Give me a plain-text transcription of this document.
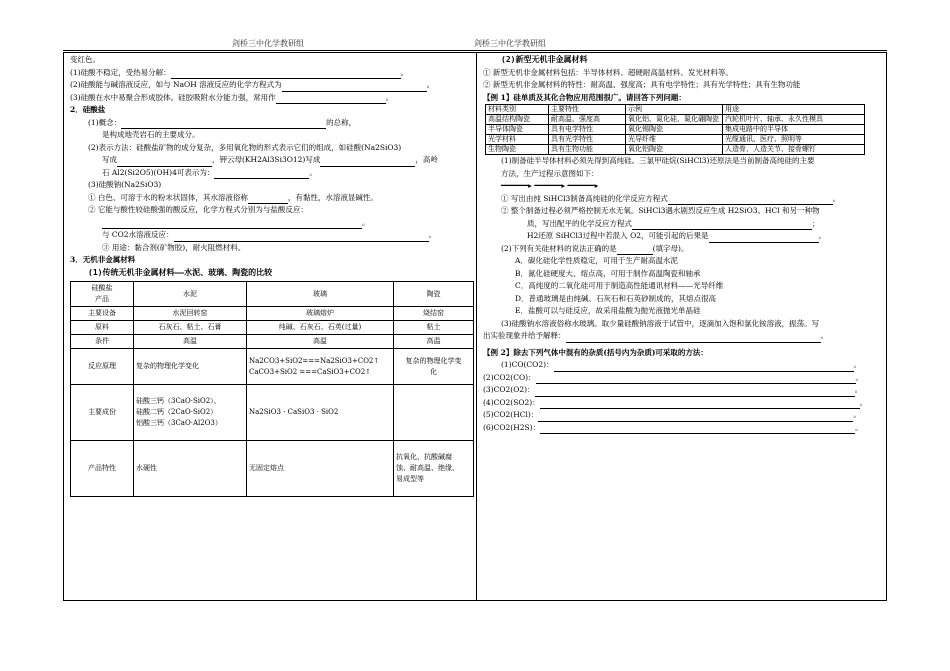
剑桥三中化学教研组	剑桥三中化学教研组
变红色。
(1)硅酸不稳定，受热易分解：	。
(2)硅酸能与碱溶液反应，如与 NaOH 溶液反应的化学方程式为	。
(3)硅酸在水中易聚合形成胶体。硅胶吸附水分能力强，常用作	。
2．硅酸盐
(1)概念：	的总称，
是构成地壳岩石的主要成分。
(2)表示方法：硅酸盐矿物的成分复杂，多用氧化物的形式表示它们的组成，如硅酸(Na2SiO3)
写成	，钾云母(KH2Al3Si3O12)写成	，高岭
石 Al2(Si2O5)(OH)4可表示为：	。
(3)硅酸钠(Na2SiO3)
① 白色、可溶于水的粉末状固体，其水溶液俗称	，有黏性，水溶液显碱性。
② 它能与酸性较硅酸强的酸反应，化学方程式分别为与盐酸反应：
。
与 CO2水溶液反应：	。
③ 用途：黏合剂(矿物胶)，耐火阻燃材料。
3．无机非金属材料
(1)传统无机非金属材料——水泥、玻璃、陶瓷的比较
硅酸盐
产品	水泥	玻璃	陶瓷
主要设备	水泥回转窑	玻璃熔炉	烧结窑
原料	石灰石、粘土、石膏	纯碱、石灰石、石英(过量)	粘土
条件	高温	高温	高温
反应原理	复杂的物理化学变化	Na2CO3+SiO2===Na2SiO3+CO2↑
CaCO3+SiO2 ===CaSiO3+CO2↑	复杂的物理化学变
化
主要成份	硅酸三钙（3CaO·SiO2）、
硅酸二钙（2CaO·SiO2）
铝酸三钙（3CaO·Al2O3）	Na2SiO3 · CaSiO3 · SiO2	
产品特性	水硬性	无固定熔点	抗氧化、抗酸碱腐
蚀、耐高温、绝缘、
易成型等
(2)新型无机非金属材料
① 新型无机非金属材料包括：半导体材料、超硬耐高温材料、发光材料等。
② 新型无机非金属材料的特性：耐高温、强度高；具有电学特性；具有光学特性；具有生物功能
【例 1】硅单质及其化合物应用范围很广。请回答下列问题：
材料类别	主要特性	示例	用途
高温结构陶瓷	耐高温、强度高	氧化铝、氮化硅、氮化硼陶瓷	汽轮机叶片、轴承、永久性模具
半导体陶瓷	具有电学特性	氧化锡陶瓷	集成电路中的半导体
光学材料	具有光学特性	光导纤维	光缆通讯、医疗、照明等
生物陶瓷	具有生物功能	氧化铝陶瓷	人造骨、人造关节、接骨螺钉
(1)制备硅半导体材料必须先得到高纯硅。三氯甲硅烷(SiHCl3)还原法是当前制备高纯硅的主要
方法，生产过程示意图如下：
━━━━━━▸ ━━━━━━▸ ━━━━━━▸
① 写出由纯 SiHCl3制备高纯硅的化学反应方程式	。
② 整个制备过程必须严格控制无水无氧。SiHCl3遇水剧烈反应生成 H2SiO3、HCl 和另一种物
质，写出配平的化学反应方程式	；
H2还原 SiHCl3过程中若混入 O2，可能引起的后果是	。
(2)下列有关硅材料的说法正确的是	(填字母)。
A．碳化硅化学性质稳定，可用于生产耐高温水泥
B．氮化硅硬度大、熔点高，可用于制作高温陶瓷和轴承
C．高纯度的二氧化硅可用于制造高性能通讯材料——光导纤维
D．普通玻璃是由纯碱、石灰石和石英砂制成的，其熔点很高
E．盐酸可以与硅反应，故采用盐酸为抛光液抛光单晶硅
(3)硅酸钠水溶液俗称水玻璃。取少量硅酸钠溶液于试管中，逐滴加入饱和氯化铵溶液，振荡。写
出实验现象并给予解释：	。
【例 2】除去下列气体中混有的杂质(括号内为杂质)可采取的方法：
(1)CO(CO2)：	。
(2)CO2(CO)：	。
(3)CO2(O2)：	。
(4)CO2(SO2)：	。
(5)CO2(HCl)：	。
(6)CO2(H2S)：	。
